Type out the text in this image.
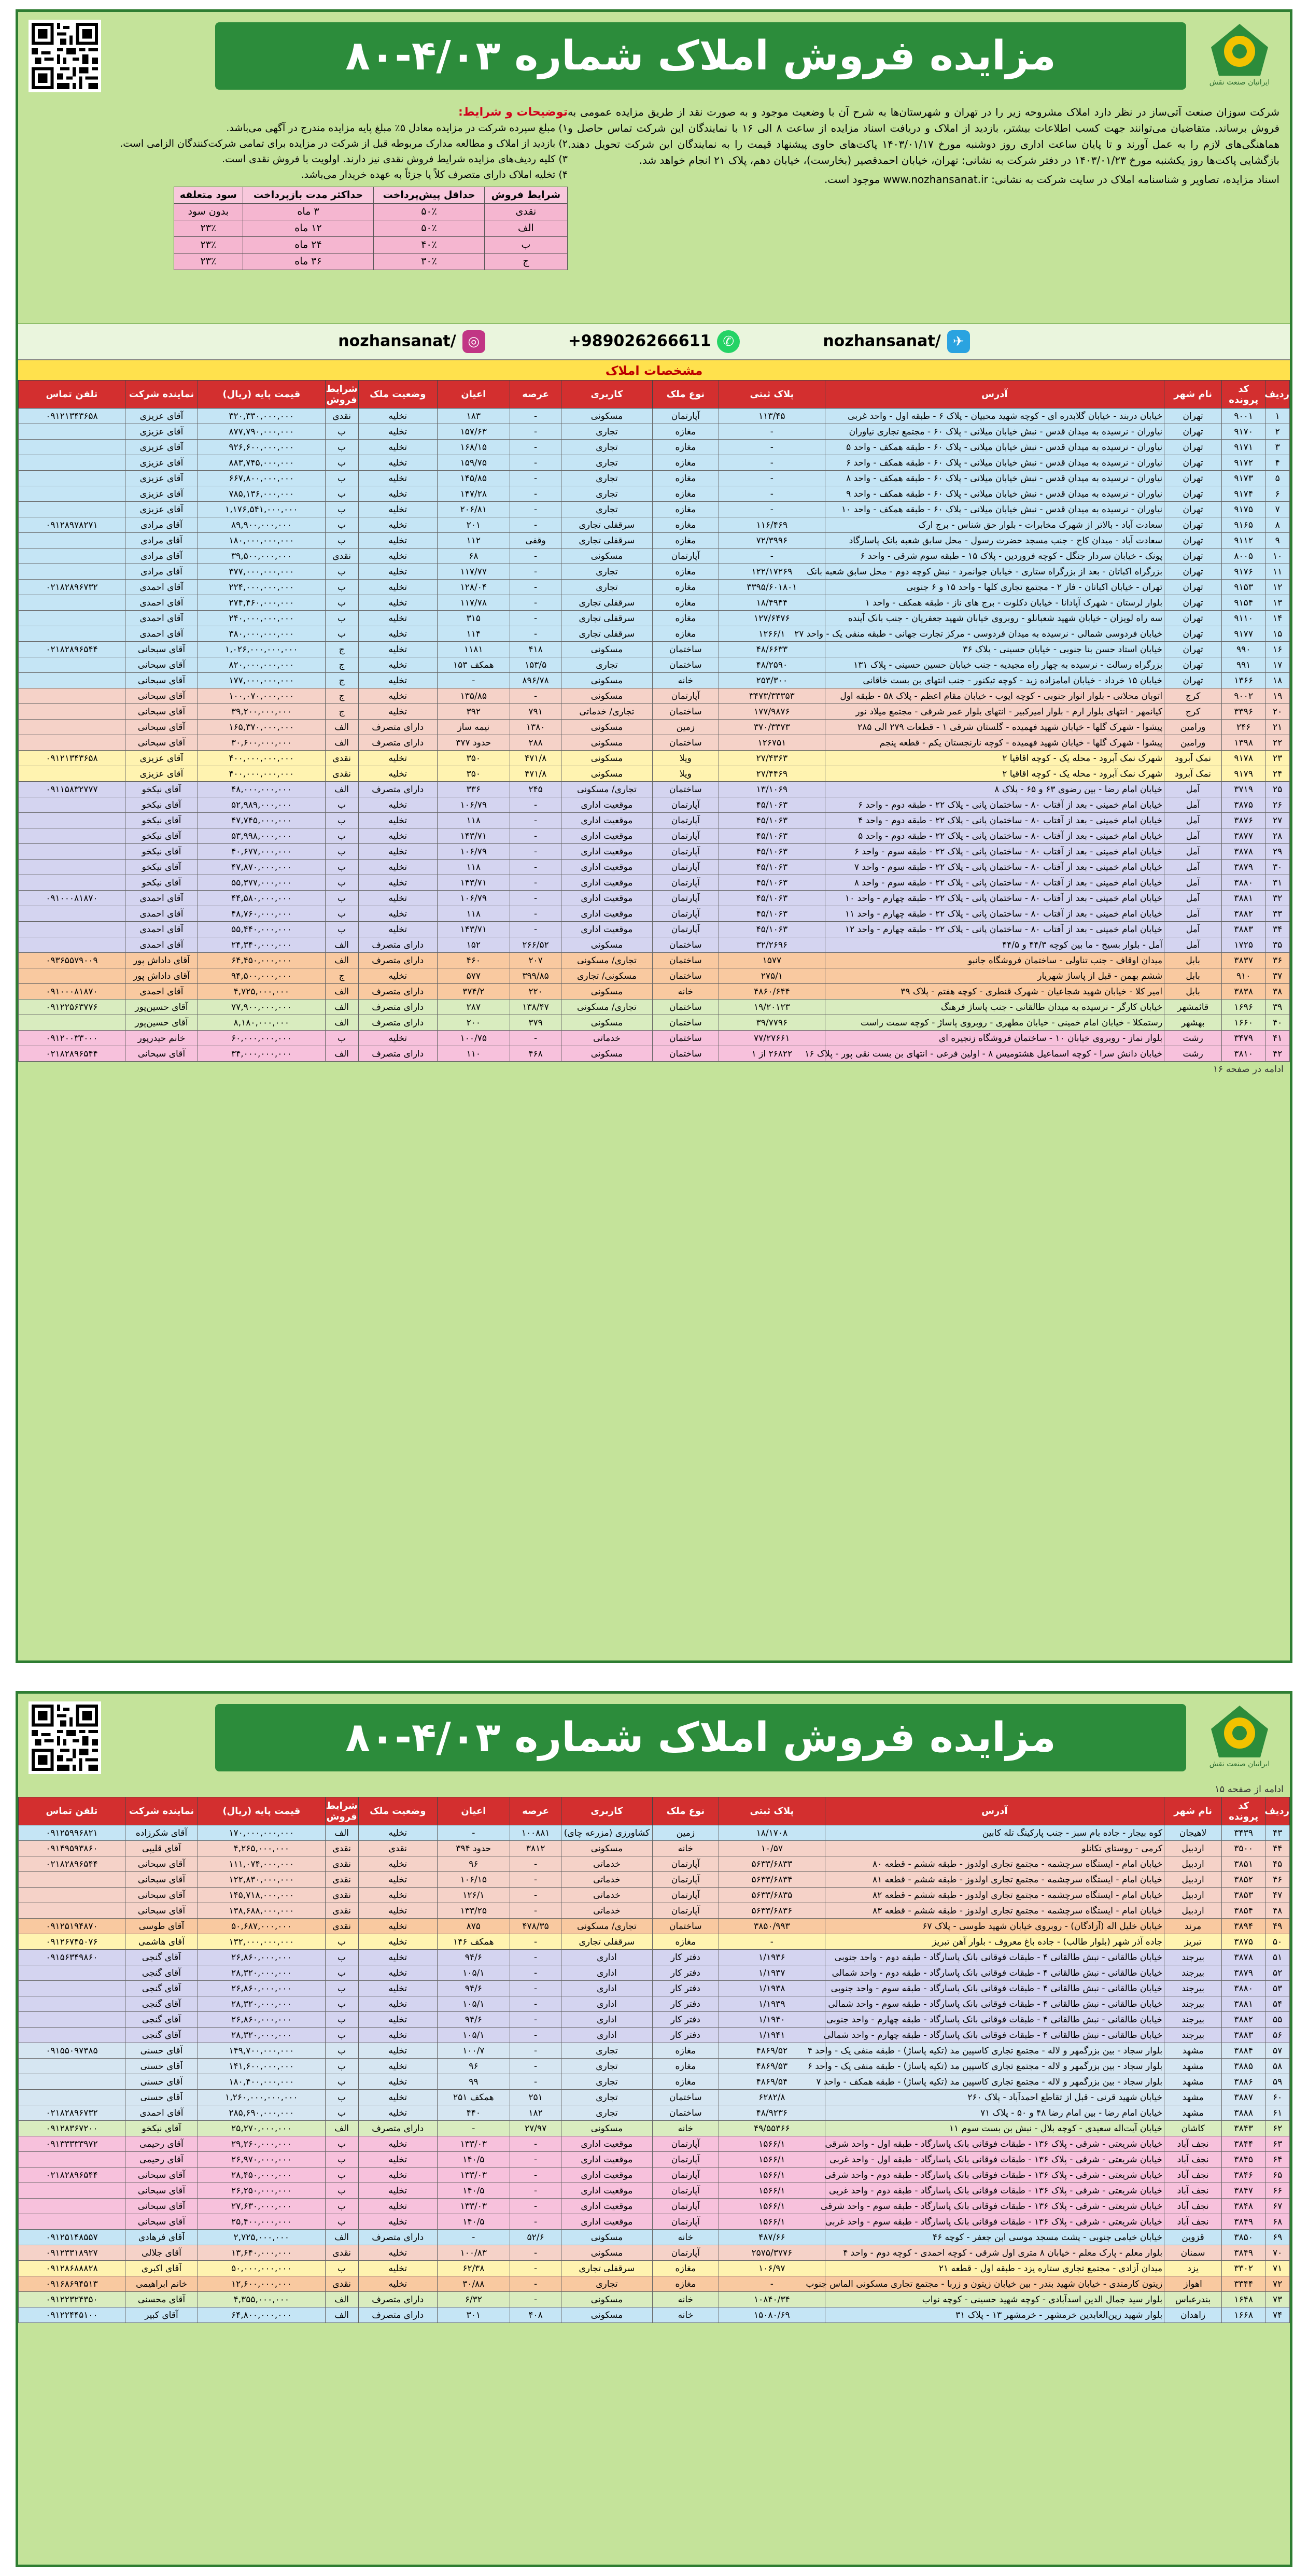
ایرانیان صنعت نقش
مزایده فروش املاک شماره ۴/۰۳-۸۰

شرکت سوزان صنعت آتی‌ساز در نظر دارد املاک مشروحه زیر را در تهران و شهرستان‌ها به شرح آن با وضعیت موجود و به صورت نقد از طریق مزایده عمومی به فروش برساند. متقاضیان می‌توانند جهت کسب اطلاعات بیشتر، بازدید از املاک و دریافت اسناد مزایده از ساعت ۸ الی ۱۶ با نمایندگان این شرکت تماس حاصل و هماهنگی‌های لازم را به عمل آورند و تا پایان ساعت اداری روز دوشنبه مورخ ۱۴۰۳/۰۱/۱۷ پاکت‌های حاوی پیشنهاد قیمت را به نمایندگان این شرکت تحویل دهند. بازگشایی پاکت‌ها روز یکشنبه مورخ ۱۴۰۳/۰۱/۲۳ در دفتر شرکت به نشانی: تهران، خیابان احمدقصیر (بخارست)، خیابان دهم، پلاک ۲۱ انجام خواهد شد.

اسناد مزایده، تصاویر و شناسنامه املاک در سایت شرکت به نشانی: www.nozhansanat.ir موجود است.

توضیحات و شرایط:
۱) مبلغ سپرده شرکت در مزایده معادل ۵٪ مبلغ پایه مزایده مندرج در آگهی می‌باشد.
۲) بازدید از املاک و مطالعه مدارک مربوطه قبل از شرکت در مزایده برای تمامی شرکت‌کنندگان الزامی است.
۳) کلیه ردیف‌های مزایده شرایط فروش نقدی نیز دارند. اولویت با فروش نقدی است.
۴) تخلیه املاک دارای متصرف کلاً یا جزئاً به عهده خریدار می‌باشد.
شرایط فروش	حداقل پیش‌پرداخت	حداکثر مدت بازپرداخت	سود متعلقه
نقدی	۵۰٪	۳ ماه	بدون سود
الف	۵۰٪	۱۲ ماه	۲۳٪
ب	۴۰٪	۲۴ ماه	۲۳٪
ج	۳۰٪	۳۶ ماه	۲۳٪
✈/nozhansanat
✆+989026266611
◎/nozhansanat
مشخصات املاک
ردیف	کد پرونده	نام شهر	آدرس	پلاک ثبتی	نوع ملک	کاربری	عرصه	اعیان	وضعیت ملک	شرایط فروش	قیمت پایه (ریال)	نماینده شرکت	تلفن تماس
۱	۹۰۰۱	تهران	خیابان دربند - خیابان گلابدره ای - کوچه شهید محبیان - پلاک ۶ - طبقه اول - واحد غربی	۱۱۳/۴۵	آپارتمان	مسکونی	-	۱۸۳	تخلیه	نقدی	۳۲۰,۳۳۰,۰۰۰,۰۰۰	آقای عزیزی	۰۹۱۲۱۳۴۳۶۵۸
۲	۹۱۷۰	تهران	نیاوران - نرسیده به میدان قدس - نبش خیابان میلانی - پلاک ۶۰ - مجتمع تجاری نیاوران	-	مغازه	تجاری	-	۱۵۷/۶۳	تخلیه	ب	۸۷۷,۷۹۰,۰۰۰,۰۰۰	آقای عزیزی	
۳	۹۱۷۱	تهران	نیاوران - نرسیده به میدان قدس - نبش خیابان میلانی - پلاک ۶۰ - طبقه همکف - واحد ۵	-	مغازه	تجاری	-	۱۶۸/۱۵	تخلیه	ب	۹۲۶,۶۰۰,۰۰۰,۰۰۰	آقای عزیزی	
۴	۹۱۷۲	تهران	نیاوران - نرسیده به میدان قدس - نبش خیابان میلانی - پلاک ۶۰ - طبقه همکف - واحد ۶	-	مغازه	تجاری	-	۱۵۹/۷۵	تخلیه	ب	۸۸۳,۷۴۵,۰۰۰,۰۰۰	آقای عزیزی	
۵	۹۱۷۳	تهران	نیاوران - نرسیده به میدان قدس - نبش خیابان میلانی - پلاک ۶۰ - طبقه همکف - واحد ۸	-	مغازه	تجاری	-	۱۴۵/۸۵	تخلیه	ب	۶۶۷,۸۰۰,۰۰۰,۰۰۰	آقای عزیزی	
۶	۹۱۷۴	تهران	نیاوران - نرسیده به میدان قدس - نبش خیابان میلانی - پلاک ۶۰ - طبقه همکف - واحد ۹	-	مغازه	تجاری	-	۱۴۷/۲۸	تخلیه	ب	۷۸۵,۱۳۶,۰۰۰,۰۰۰	آقای عزیزی	
۷	۹۱۷۵	تهران	نیاوران - نرسیده به میدان قدس - نبش خیابان میلانی - پلاک ۶۰ - طبقه همکف - واحد ۱۰	-	مغازه	تجاری	-	۲۰۶/۸۱	تخلیه	ب	۱,۱۷۶,۵۴۱,۰۰۰,۰۰۰	آقای عزیزی	
۸	۹۱۶۵	تهران	سعادت آباد - بالاتر از شهرک مخابرات - بلوار حق شناس - برج ارک	۱۱۶/۴۶۹	مغازه	سرقفلی تجاری	-	۲۰۱	تخلیه	ب	۸۹,۹۰۰,۰۰۰,۰۰۰	آقای مرادی	۰۹۱۲۸۹۷۸۲۷۱
۹	۹۱۱۲	تهران	سعادت آباد - میدان کاج - جنب مسجد حضرت رسول - محل سابق شعبه بانک پاسارگاد	۷۲/۳۹۹۶	مغازه	سرقفلی تجاری	وقفی	۱۱۲	تخلیه	ب	۱۸۰,۰۰۰,۰۰۰,۰۰۰	آقای مرادی	
۱۰	۸۰۰۵	تهران	پونک - خیابان سردار جنگل - کوچه فروردین - پلاک ۱۵ - طبقه سوم شرقی - واحد ۶	-	آپارتمان	مسکونی	-	۶۸	تخلیه	نقدی	۳۹,۵۰۰,۰۰۰,۰۰۰	آقای مرادی	
۱۱	۹۱۷۶	تهران	بزرگراه اکباتان - بعد از بزرگراه ستاری - خیابان جوانمرد - نبش کوچه دوم - محل سابق شعبه بانک	۱۲۲/۱۷۲۶۹	مغازه	تجاری	-	۱۱۷/۷۷	تخلیه	ب	۳۷۷,۰۰۰,۰۰۰,۰۰۰	آقای مرادی	
۱۲	۹۱۵۳	تهران	تهران - خیابان اکباتان - فاز ۲ - مجتمع تجاری کلها - واحد ۱۵ و ۶ جنوبی	۳۳۹۵/۶۰۱۸۰۱	مغازه	تجاری	-	۱۲۸/۰۴	تخلیه	ب	۲۲۴,۰۰۰,۰۰۰,۰۰۰	آقای احمدی	۰۲۱۸۲۸۹۶۷۳۲
۱۳	۹۱۵۴	تهران	بلوار لرستان - شهرک آپادانا - خیابان دکلوت - برج های ناز - طبقه همکف - واحد ۱	۱۸/۴۹۴۴	مغازه	سرقفلی تجاری	-	۱۱۷/۷۸	تخلیه	ب	۲۷۴,۴۶۰,۰۰۰,۰۰۰	آقای احمدی	
۱۴	۹۱۱۰	تهران	سه راه لویزان - خیابان شهید شعبانلو - روبروی خیابان شهید جعفریان - جنب بانک آینده	۱۲۷/۶۴۷۶	مغازه	سرقفلی تجاری	-	۳۱۵	تخلیه	ب	۲۴۰,۰۰۰,۰۰۰,۰۰۰	آقای احمدی	
۱۵	۹۱۷۷	تهران	خیابان فردوسی شمالی - نرسیده به میدان فردوسی - مرکز تجارت جهانی - طبقه منفی یک - واحد ۲۷	۱۲۶۶/۱	مغازه	سرقفلی تجاری	-	۱۱۴	تخلیه	ب	۳۸۰,۰۰۰,۰۰۰,۰۰۰	آقای احمدی	
۱۶	۹۹۰	تهران	خیابان استاد حسن بنا جنوبی - خیابان حسینی - پلاک ۳۶	۴۸/۶۶۳۳	ساختمان	مسکونی	۴۱۸	۱۱۸۱	تخلیه	ج	۱,۰۲۶,۰۰۰,۰۰۰,۰۰۰	آقای سبحانی	۰۲۱۸۲۸۹۶۵۴۴
۱۷	۹۹۱	تهران	بزرگراه رسالت - نرسیده به چهار راه مجیدیه - جنب خیابان حسین حسینی - پلاک ۱۳۱	۴۸/۲۵۹۰	ساختمان	تجاری	۱۵۳/۵	همکف ۱۵۳	تخلیه	ج	۸۲۰,۰۰۰,۰۰۰,۰۰۰	آقای سبحانی	
۱۸	۱۳۶۶	تهران	خیابان ۱۵ خرداد - خیابان امامزاده زید - کوچه تیکنور - جنب انتهای بن بست خاقانی	۲۵۳/۳۰۰	خانه	مسکونی	۸۹۶/۷۸	-	تخلیه	ج	۱۷۷,۰۰۰,۰۰۰,۰۰۰	آقای سبحانی	
۱۹	۹۰۰۲	کرج	اتوبان محلاتی - بلوار انوار جنوبی - کوچه ایوب - خیابان مقام اعظم - پلاک ۵۸ - طبقه اول	۳۴۷۳/۳۳۳۵۳	آپارتمان	مسکونی	-	۱۳۵/۸۵	تخلیه	ج	۱۰۰,۰۷۰,۰۰۰,۰۰۰	آقای سبحانی	
۲۰	۳۳۹۶	کرج	کیانمهر - انتهای بلوار ارم - بلوار امیرکبیر - انتهای بلوار عمر شرقی - مجتمع میلاد نور	۱۷۷/۹۸۷۶	ساختمان	تجاری/ خدماتی	۷۹۱	۳۹۲	تخلیه	ج	۳۹,۲۰۰,۰۰۰,۰۰۰	آقای سبحانی	
۲۱	۲۴۶	ورامین	پیشوا - شهرک گلها - خیابان شهید فهمیده - گلستان شرقی ۱ - قطعات ۲۷۹ الی ۲۸۵	۳۷۰/۳۳۷۳	زمین	مسکونی	۱۳۸۰	نیمه ساز	دارای متصرف	الف	۱۶۵,۳۷۰,۰۰۰,۰۰۰	آقای سبحانی	
۲۲	۱۳۹۸	ورامین	پیشوا - شهرک گلها - خیابان شهید فهمیده - کوچه نارنجستان یکم - قطعه پنجم	۱۲۶۷۵۱	ساختمان	مسکونی	۲۸۸	حدود ۳۷۷	دارای متصرف	الف	۳۰,۶۰۰,۰۰۰,۰۰۰	آقای سبحانی	
۲۳	۹۱۷۸	نمک آبرود	شهرک نمک آبرود - محله یک - کوچه اقاقیا ۲	۲۷/۴۳۶۳	ویلا	مسکونی	۴۷۱/۸	۳۵۰	تخلیه	نقدی	۴۰۰,۰۰۰,۰۰۰,۰۰۰	آقای عزیزی	۰۹۱۲۱۳۴۳۶۵۸
۲۴	۹۱۷۹	نمک آبرود	شهرک نمک آبرود - محله یک - کوچه اقاقیا ۲	۲۷/۴۴۶۹	ویلا	مسکونی	۴۷۱/۸	۳۵۰	تخلیه	نقدی	۴۰۰,۰۰۰,۰۰۰,۰۰۰	آقای عزیزی	
۲۵	۳۷۱۹	آمل	خیابان امام رضا - بین رضوی ۶۳ و ۶۵ - پلاک ۸	۱۳/۱۰۶۹	ساختمان	تجاری/ مسکونی	۲۴۵	۳۳۶	دارای متصرف	الف	۴۸,۰۰۰,۰۰۰,۰۰۰	آقای نیکخو	۰۹۱۱۵۸۳۲۷۷۷
۲۶	۳۸۷۵	آمل	خیابان امام خمینی - بعد از آفتاب ۸۰ - ساختمان پانی - پلاک ۲۲ - طبقه دوم - واحد ۶	۴۵/۱۰۶۳	آپارتمان	موقعیت اداری	-	۱۰۶/۷۹	تخلیه	ب	۵۲,۹۸۹,۰۰۰,۰۰۰	آقای نیکخو	
۲۷	۳۸۷۶	آمل	خیابان امام خمینی - بعد از آفتاب ۸۰ - ساختمان پانی - پلاک ۲۲ - طبقه دوم - واحد ۴	۴۵/۱۰۶۳	آپارتمان	موقعیت اداری	-	۱۱۸	تخلیه	ب	۴۷,۷۴۵,۰۰۰,۰۰۰	آقای نیکخو	
۲۸	۳۸۷۷	آمل	خیابان امام خمینی - بعد از آفتاب ۸۰ - ساختمان پانی - پلاک ۲۲ - طبقه دوم - واحد ۵	۴۵/۱۰۶۳	آپارتمان	موقعیت اداری	-	۱۴۳/۷۱	تخلیه	ب	۵۳,۹۹۸,۰۰۰,۰۰۰	آقای نیکخو	
۲۹	۳۸۷۸	آمل	خیابان امام خمینی - بعد از آفتاب ۸۰ - ساختمان پانی - پلاک ۲۲ - طبقه سوم - واحد ۶	۴۵/۱۰۶۳	آپارتمان	موقعیت اداری	-	۱۰۶/۷۹	تخلیه	ب	۴۰,۶۷۷,۰۰۰,۰۰۰	آقای نیکخو	
۳۰	۳۸۷۹	آمل	خیابان امام خمینی - بعد از آفتاب ۸۰ - ساختمان پانی - پلاک ۲۲ - طبقه سوم - واحد ۷	۴۵/۱۰۶۳	آپارتمان	موقعیت اداری	-	۱۱۸	تخلیه	ب	۴۷,۸۷۰,۰۰۰,۰۰۰	آقای نیکخو	
۳۱	۳۸۸۰	آمل	خیابان امام خمینی - بعد از آفتاب ۸۰ - ساختمان پانی - پلاک ۲۲ - طبقه سوم - واحد ۸	۴۵/۱۰۶۳	آپارتمان	موقعیت اداری	-	۱۴۳/۷۱	تخلیه	ب	۵۵,۳۷۷,۰۰۰,۰۰۰	آقای نیکخو	
۳۲	۳۸۸۱	آمل	خیابان امام خمینی - بعد از آفتاب ۸۰ - ساختمان پانی - پلاک ۲۲ - طبقه چهارم - واحد ۱۰	۴۵/۱۰۶۳	آپارتمان	موقعیت اداری	-	۱۰۶/۷۹	تخلیه	ب	۴۴,۵۸۰,۰۰۰,۰۰۰	آقای احمدی	۰۹۱۰۰۰۸۱۸۷۰
۳۳	۳۸۸۲	آمل	خیابان امام خمینی - بعد از آفتاب ۸۰ - ساختمان پانی - پلاک ۲۲ - طبقه چهارم - واحد ۱۱	۴۵/۱۰۶۳	آپارتمان	موقعیت اداری	-	۱۱۸	تخلیه	ب	۴۸,۷۶۰,۰۰۰,۰۰۰	آقای احمدی	
۳۴	۳۸۸۳	آمل	خیابان امام خمینی - بعد از آفتاب ۸۰ - ساختمان پانی - پلاک ۲۲ - طبقه چهارم - واحد ۱۲	۴۵/۱۰۶۳	آپارتمان	موقعیت اداری	-	۱۴۳/۷۱	تخلیه	ب	۵۵,۴۴۰,۰۰۰,۰۰۰	آقای احمدی	
۳۵	۱۷۲۵	آمل	آمل - بلوار بسیج - ما بین کوچه ۴۴/۳ و ۴۴/۵	۳۲/۲۶۹۶	ساختمان	مسکونی	۲۶۶/۵۲	۱۵۲	دارای متصرف	الف	۲۴,۳۴۰,۰۰۰,۰۰۰	آقای احمدی	
۳۶	۳۸۳۷	بابل	میدان اوقاف - جنب تناولی - ساختمان فروشگاه جانبو	۱۵۷۷	ساختمان	تجاری/ مسکونی	۲۰۷	۴۶۰	دارای متصرف	الف	۶۴,۴۵۰,۰۰۰,۰۰۰	آقای داداش پور	۰۹۳۶۵۵۷۹۰۰۹
۳۷	۹۱۰	بابل	ششم بهمن - قبل از پاساژ شهریار	۲۷۵/۱	ساختمان	مسکونی/ تجاری	۳۹۹/۸۵	۵۷۷	تخلیه	ج	۹۴,۵۰۰,۰۰۰,۰۰۰	آقای داداش پور	
۳۸	۳۸۳۸	بابل	امیر کلا - خیابان شهید شجاعیان - شهرک قنطری - کوچه هفتم - پلاک ۳۹	۴۸۶۰/۶۴۴	خانه	مسکونی	۲۲۰	۳۷۴/۲	دارای متصرف	الف	۴,۷۲۵,۰۰۰,۰۰۰	آقای احمدی	۰۹۱۰۰۰۸۱۸۷۰
۳۹	۱۶۹۶	قائمشهر	خیابان کارگر - نرسیده به میدان طالقانی - جنب پاساژ فرهنگ	۱۹/۲۰۱۲۳	ساختمان	تجاری/ مسکونی	۱۳۸/۴۷	۲۸۷	دارای متصرف	الف	۷۷,۹۰۰,۰۰۰,۰۰۰	آقای حسین‌پور	۰۹۱۲۲۵۶۳۷۷۶
۴۰	۱۶۶۰	بهشهر	رستمکلا - خیابان امام خمینی - خیابان مطهری - روبروی پاساژ - کوچه سمت راست	۳۹/۷۷۹۶	ساختمان	مسکونی	۳۷۹	۲۰۰	دارای متصرف	الف	۸,۱۸۰,۰۰۰,۰۰۰	آقای حسین‌پور	
۴۱	۳۴۷۹	رشت	بلوار نماز - روبروی خیابان ۱۰ - ساختمان فروشگاه زنجیره ای	۷۷/۲۷۶۶۱	ساختمان	خدماتی	-	۱۰۰/۷۵	تخلیه	ب	۶۰,۰۰۰,۰۰۰,۰۰۰	خانم حیدرپور	۰۹۱۲۰۰۳۳۰۰۰
۴۲	۳۸۱۰	رشت	خیابان دانش سرا - کوچه اسماعیل هشتومیس ۸ - اولین فرعی - انتهای بن بست نقی پور - پلاک ۱۶	۲۶۸۲۲ از ۱	ساختمان	مسکونی	۴۶۸	۱۱۰	دارای متصرف	الف	۳۴,۰۰۰,۰۰۰,۰۰۰	آقای سبحانی	۰۲۱۸۲۸۹۶۵۴۴
ادامه در صفحه ۱۶
ایرانیان صنعت نقش
مزایده فروش املاک شماره ۴/۰۳-۸۰
ادامه از صفحه ۱۵
ردیف	کد پرونده	نام شهر	آدرس	پلاک ثبتی	نوع ملک	کاربری	عرصه	اعیان	وضعیت ملک	شرایط فروش	قیمت پایه (ریال)	نماینده شرکت	تلفن تماس
۴۳	۳۴۳۹	لاهیجان	کوه بیجار - جاده بام سبز - جنب پارکینگ تله کابین	۱۸/۱۷۰۸	زمین	کشاورزی (مزرعه چای)	۱۰۰۸۸۱	-	تخلیه	الف	۱۷۰,۰۰۰,۰۰۰,۰۰۰	آقای شکرزاده	۰۹۱۲۵۹۹۶۸۲۱
۴۴	۳۵۰۰	اردبیل	کرمی - روستای تکانلو	۱۰/۵۷	خانه	مسکونی	۳۸۱۲	حدود ۳۹۴	نقدی	نقدی	۴,۲۶۵,۰۰۰,۰۰۰	آقای قلیپی	۰۹۱۴۹۵۹۳۸۶۰
۴۵	۳۸۵۱	اردبیل	خیابان امام - ایستگاه سرچشمه - مجتمع تجاری اولدوز - طبقه ششم - قطعه ۸۰	۵۶۳۳/۶۸۳۳	آپارتمان	خدماتی	-	۹۶	تخلیه	نقدی	۱۱۱,۰۷۴,۰۰۰,۰۰۰	آقای سبحانی	۰۲۱۸۲۸۹۶۵۴۴
۴۶	۳۸۵۲	اردبیل	خیابان امام - ایستگاه سرچشمه - مجتمع تجاری اولدوز - طبقه ششم - قطعه ۸۱	۵۶۳۳/۶۸۳۴	آپارتمان	خدماتی	-	۱۰۶/۱۵	تخلیه	نقدی	۱۲۲,۸۳۰,۰۰۰,۰۰۰	آقای سبحانی	
۴۷	۳۸۵۳	اردبیل	خیابان امام - ایستگاه سرچشمه - مجتمع تجاری اولدوز - طبقه ششم - قطعه ۸۲	۵۶۳۳/۶۸۳۵	آپارتمان	خدماتی	-	۱۲۶/۱	تخلیه	نقدی	۱۴۵,۷۱۸,۰۰۰,۰۰۰	آقای سبحانی	
۴۸	۳۸۵۴	اردبیل	خیابان امام - ایستگاه سرچشمه - مجتمع تجاری اولدوز - طبقه ششم - قطعه ۸۳	۵۶۳۳/۶۸۳۶	آپارتمان	خدماتی	-	۱۳۳/۲۵	تخلیه	نقدی	۱۳۸,۶۸۸,۰۰۰,۰۰۰	آقای سبحانی	
۴۹	۳۸۹۴	مرند	خیابان خلیل اله (آزادگان) - روبروی خیابان شهید طوسی - پلاک ۶۷	۳۸۵۰/۹۹۳	ساختمان	تجاری/ مسکونی	۴۷۸/۳۵	۸۷۵	تخلیه	نقدی	۵۰,۶۸۷,۰۰۰,۰۰۰	آقای طوسی	۰۹۱۲۵۱۹۴۸۷۰
۵۰	۳۸۷۵	تبریز	جاده آذر شهر (بلوار طالب) - جاده باغ معروف - بلوار آهن تبریز	-	مغازه	سرقفلی تجاری	-	همکف ۱۴۶	تخلیه	ب	۱۳۲,۰۰۰,۰۰۰,۰۰۰	آقای هاشمی	۰۹۱۲۶۷۴۵۰۷۶
۵۱	۳۸۷۸	بیرجند	خیابان طالقانی - نبش طالقانی ۴ - طبقات فوقانی بانک پاسارگاد - طبقه دوم - واحد جنوبی	۱/۱۹۳۶	دفتر کار	اداری	-	۹۴/۶	تخلیه	ب	۲۶,۸۶۰,۰۰۰,۰۰۰	آقای گنجی	۰۹۱۵۶۳۴۹۸۶۰
۵۲	۳۸۷۹	بیرجند	خیابان طالقانی - نبش طالقانی ۴ - طبقات فوقانی بانک پاسارگاد - طبقه دوم - واحد شمالی	۱/۱۹۳۷	دفتر کار	اداری	-	۱۰۵/۱	تخلیه	ب	۲۸,۳۲۰,۰۰۰,۰۰۰	آقای گنجی	
۵۳	۳۸۸۰	بیرجند	خیابان طالقانی - نبش طالقانی ۴ - طبقات فوقانی بانک پاسارگاد - طبقه سوم - واحد جنوبی	۱/۱۹۳۸	دفتر کار	اداری	-	۹۴/۶	تخلیه	ب	۲۶,۸۶۰,۰۰۰,۰۰۰	آقای گنجی	
۵۴	۳۸۸۱	بیرجند	خیابان طالقانی - نبش طالقانی ۴ - طبقات فوقانی بانک پاسارگاد - طبقه سوم - واحد شمالی	۱/۱۹۳۹	دفتر کار	اداری	-	۱۰۵/۱	تخلیه	ب	۲۸,۳۲۰,۰۰۰,۰۰۰	آقای گنجی	
۵۵	۳۸۸۲	بیرجند	خیابان طالقانی - نبش طالقانی ۴ - طبقات فوقانی بانک پاسارگاد - طبقه چهارم - واحد جنوبی	۱/۱۹۴۰	دفتر کار	اداری	-	۹۴/۶	تخلیه	ب	۲۶,۸۶۰,۰۰۰,۰۰۰	آقای گنجی	
۵۶	۳۸۸۳	بیرجند	خیابان طالقانی - نبش طالقانی ۴ - طبقات فوقانی بانک پاسارگاد - طبقه چهارم - واحد شمالی	۱/۱۹۴۱	دفتر کار	اداری	-	۱۰۵/۱	تخلیه	ب	۲۸,۳۲۰,۰۰۰,۰۰۰	آقای گنجی	
۵۷	۳۸۸۴	مشهد	بلوار سجاد - بین بزرگمهر و لاله - مجتمع تجاری کاسپین مد (تکیه پاساژ) - طبقه منفی یک - واحد ۴	۴۸۶۹/۵۲	مغازه	تجاری	-	۱۰۰/۷	تخلیه	ب	۱۴۹,۷۰۰,۰۰۰,۰۰۰	آقای حسنی	۰۹۱۵۵۰۹۷۳۸۵
۵۸	۳۸۸۵	مشهد	بلوار سجاد - بین بزرگمهر و لاله - مجتمع تجاری کاسپین مد (تکیه پاساژ) - طبقه منفی یک - واحد ۶	۴۸۶۹/۵۳	مغازه	تجاری	-	۹۶	تخلیه	ب	۱۴۱,۶۰۰,۰۰۰,۰۰۰	آقای حسنی	
۵۹	۳۸۸۶	مشهد	بلوار سجاد - بین بزرگمهر و لاله - مجتمع تجاری کاسپین مد (تکیه پاساژ) - طبقه همکف - واحد ۷	۴۸۶۹/۵۴	مغازه	تجاری	-	۹۹	تخلیه	ب	۱۸۰,۴۰۰,۰۰۰,۰۰۰	آقای حسنی	
۶۰	۳۸۸۷	مشهد	خیابان شهید قرنی - قبل از تقاطع احمدآباد - پلاک ۲۶۰	۶۲۸۲/۸	ساختمان	تجاری	۲۵۱	همکف ۲۵۱	تخلیه	ب	۱,۲۶۰,۰۰۰,۰۰۰,۰۰۰	آقای حسنی	
۶۱	۳۸۸۸	مشهد	خیابان امام رضا - بین امام رضا ۴۸ و ۵۰ - پلاک ۷۱	۴۸/۹۲۳۶	ساختمان	تجاری	۱۸۲	۴۴۰	تخلیه	ب	۲۸۵,۶۹۰,۰۰۰,۰۰۰	آقای احمدی	۰۲۱۸۲۸۹۶۷۳۲
۶۲	۳۸۴۳	کاشان	خیابان آیت‌اله سعیدی - کوچه بلال - نبش بن بست سوم ۱۱	۴۹/۵۵۳۶۶	خانه	مسکونی	۲۷/۹۷	-	دارای متصرف	الف	۲۵,۲۷۰,۰۰۰,۰۰۰	آقای نیکخو	۰۹۱۲۸۳۶۷۲۰۰
۶۳	۳۸۴۴	نجف آباد	خیابان شریعتی - شرقی - پلاک ۱۳۶ - طبقات فوقانی بانک پاسارگاد - طبقه اول - واحد شرقی	۱۵۶۶/۱	آپارتمان	موقعیت اداری	-	۱۳۳/۰۳	تخلیه	ب	۲۹,۲۶۰,۰۰۰,۰۰۰	آقای رحیمی	۰۹۱۳۳۳۳۳۹۷۲
۶۴	۳۸۴۵	نجف آباد	خیابان شریعتی - شرقی - پلاک ۱۳۶ - طبقات فوقانی بانک پاسارگاد - طبقه اول - واحد غربی	۱۵۶۶/۱	آپارتمان	موقعیت اداری	-	۱۴۰/۵	تخلیه	ب	۲۶,۹۷۰,۰۰۰,۰۰۰	آقای رحیمی	
۶۵	۳۸۴۶	نجف آباد	خیابان شریعتی - شرقی - پلاک ۱۳۶ - طبقات فوقانی بانک پاسارگاد - طبقه دوم - واحد شرقی	۱۵۶۶/۱	آپارتمان	موقعیت اداری	-	۱۳۳/۰۳	تخلیه	ب	۲۸,۴۵۰,۰۰۰,۰۰۰	آقای سبحانی	۰۲۱۸۲۸۹۶۵۴۴
۶۶	۳۸۴۷	نجف آباد	خیابان شریعتی - شرقی - پلاک ۱۳۶ - طبقات فوقانی بانک پاسارگاد - طبقه دوم - واحد غربی	۱۵۶۶/۱	آپارتمان	موقعیت اداری	-	۱۴۰/۵	تخلیه	ب	۲۶,۲۵۰,۰۰۰,۰۰۰	آقای سبحانی	
۶۷	۳۸۴۸	نجف آباد	خیابان شریعتی - شرقی - پلاک ۱۳۶ - طبقات فوقانی بانک پاسارگاد - طبقه سوم - واحد شرقی	۱۵۶۶/۱	آپارتمان	موقعیت اداری	-	۱۳۳/۰۳	تخلیه	ب	۲۷,۶۳۰,۰۰۰,۰۰۰	آقای سبحانی	
۶۸	۳۸۴۹	نجف آباد	خیابان شریعتی - شرقی - پلاک ۱۳۶ - طبقات فوقانی بانک پاسارگاد - طبقه سوم - واحد غربی	۱۵۶۶/۱	آپارتمان	موقعیت اداری	-	۱۴۰/۵	تخلیه	ب	۲۵,۴۰۰,۰۰۰,۰۰۰	آقای سبحانی	
۶۹	۳۸۵۰	قزوین	خیابان خیامی جنوبی - پشت مسجد موسی ابن جعفر - کوچه ۴۶	۴۸۷/۶۶	خانه	مسکونی	۵۲/۶	-	دارای متصرف	الف	۲,۷۲۵,۰۰۰,۰۰۰	آقای فرهادی	۰۹۱۲۵۱۴۸۵۵۷
۷۰	۳۸۴۹	سمنان	بلوار معلم - پارک معلم - خیابان ۸ متری اول شرقی - کوچه احمدی - کوچه دوم - واحد ۴	۲۵۷۵/۳۷۷۶	آپارتمان	مسکونی	-	۱۰۰/۸۳	تخلیه	نقدی	۱۳,۶۴۰,۰۰۰,۰۰۰	آقای جلالی	۰۹۱۲۳۳۱۸۹۲۷
۷۱	۳۳۰۲	یزد	میدان آزادی - مجتمع تجاری ستاره یزد - طبقه اول - قطعه ۲۱	۱۰۶/۹۷	مغازه	سرقفلی تجاری	-	۶۲/۳۸	تخلیه	ب	۵۰,۰۰۰,۰۰۰,۰۰۰	آقای اکبری	۰۹۱۲۸۶۸۸۸۲۸
۷۲	۳۳۴۴	اهواز	زیتون کارمندی - خیابان شهید بندر - بین خیابان زیتون و زربا - مجتمع تجاری مسکونی الماس جنوب	-	مغازه	تجاری	-	۳۰/۸۸	تخلیه	نقدی	۱۲,۶۰۰,۰۰۰,۰۰۰	خانم ابراهیمی	۰۹۱۶۸۶۹۴۵۱۳
۷۳	۱۶۴۸	بندرعباس	بلوار سید جمال الدین اسدآبادی - کوچه شهید حسینی - کوچه نواب	۱۰۸۴۰/۳۴	خانه	مسکونی	-	۶/۳۲	دارای متصرف	الف	۴,۳۵۵,۰۰۰,۰۰۰	آقای محسنی	۰۹۱۲۲۳۲۴۳۵۰
۷۴	۱۶۶۸	زاهدان	بلوار شهید زین‌العابدین خرمشهر - خرمشهر ۱۳ - پلاک ۳۱	۱۵۰۸۰/۶۹	خانه	مسکونی	۴۰۸	۳۰۱	دارای متصرف	الف	۶۴,۸۰۰,۰۰۰,۰۰۰	آقای کبیر	۰۹۱۲۲۴۴۵۱۰۰
